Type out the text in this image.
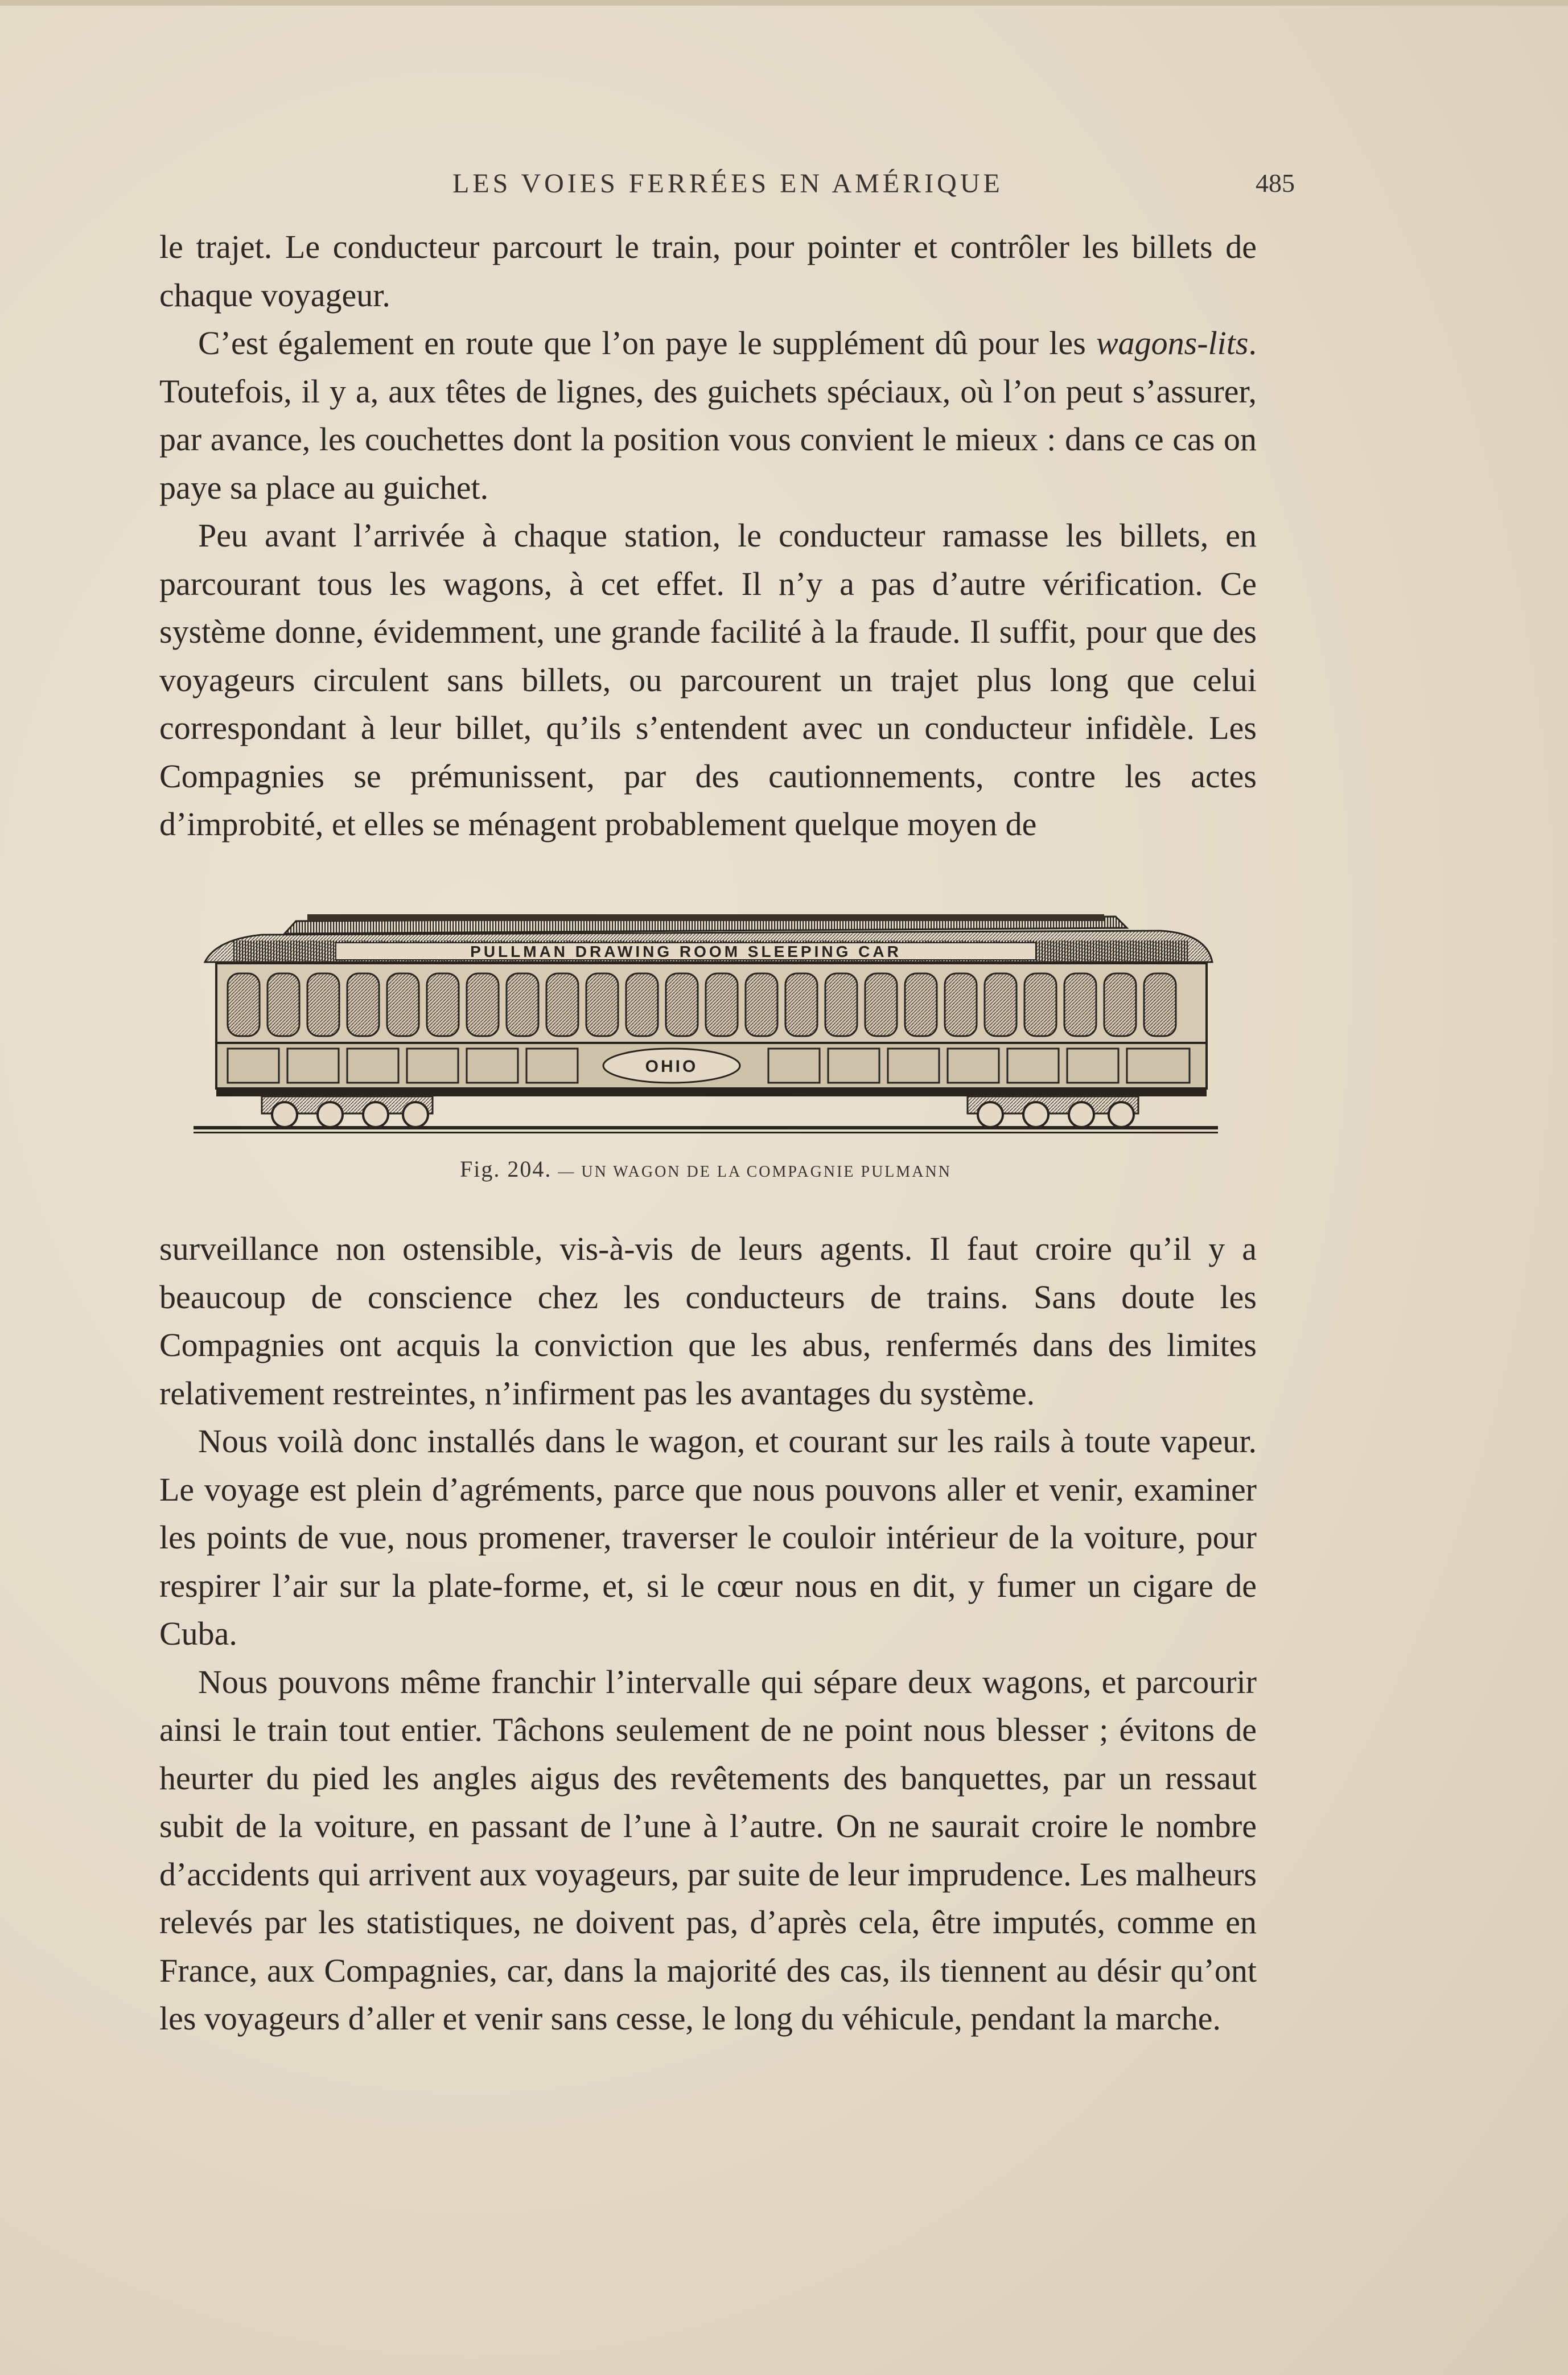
LES VOIES FERRÉES EN AMÉRIQUE	485

le trajet. Le conducteur parcourt le train, pour pointer et contrôler les billets de chaque voyageur.

C’est également en route que l’on paye le supplément dû pour les wagons-lits. Toutefois, il y a, aux têtes de lignes, des guichets spéciaux, où l’on peut s’assurer, par avance, les couchettes dont la position vous convient le mieux : dans ce cas on paye sa place au guichet.

Peu avant l’arrivée à chaque station, le conducteur ramasse les billets, en parcourant tous les wagons, à cet effet. Il n’y a pas d’autre vérification. Ce système donne, évidemment, une grande facilité à la fraude. Il suffit, pour que des voyageurs circulent sans billets, ou parcourent un trajet plus long que celui correspondant à leur billet, qu’ils s’entendent avec un conducteur infidèle. Les Compagnies se prémunissent, par des cautionnements, contre les actes d’improbité, et elles se ménagent probablement quelque moyen de

PULLMAN DRAWING ROOM SLEEPING CAR
OHIO
Fig. 204. — UN WAGON DE LA COMPAGNIE PULMANN

surveillance non ostensible, vis-à-vis de leurs agents. Il faut croire qu’il y a beaucoup de conscience chez les conducteurs de trains. Sans doute les Compagnies ont acquis la conviction que les abus, renfermés dans des limites relativement restreintes, n’infirment pas les avantages du système.

Nous voilà donc installés dans le wagon, et courant sur les rails à toute vapeur. Le voyage est plein d’agréments, parce que nous pouvons aller et venir, examiner les points de vue, nous promener, traverser le couloir intérieur de la voiture, pour respirer l’air sur la plate-forme, et, si le cœur nous en dit, y fumer un cigare de Cuba.

Nous pouvons même franchir l’intervalle qui sépare deux wagons, et parcourir ainsi le train tout entier. Tâchons seulement de ne point nous blesser ; évitons de heurter du pied les angles aigus des revêtements des banquettes, par un ressaut subit de la voiture, en passant de l’une à l’autre. On ne saurait croire le nombre d’accidents qui arrivent aux voyageurs, par suite de leur imprudence. Les malheurs relevés par les statistiques, ne doivent pas, d’après cela, être imputés, comme en France, aux Compagnies, car, dans la majorité des cas, ils tiennent au désir qu’ont les voyageurs d’aller et venir sans cesse, le long du véhicule, pendant la marche.
